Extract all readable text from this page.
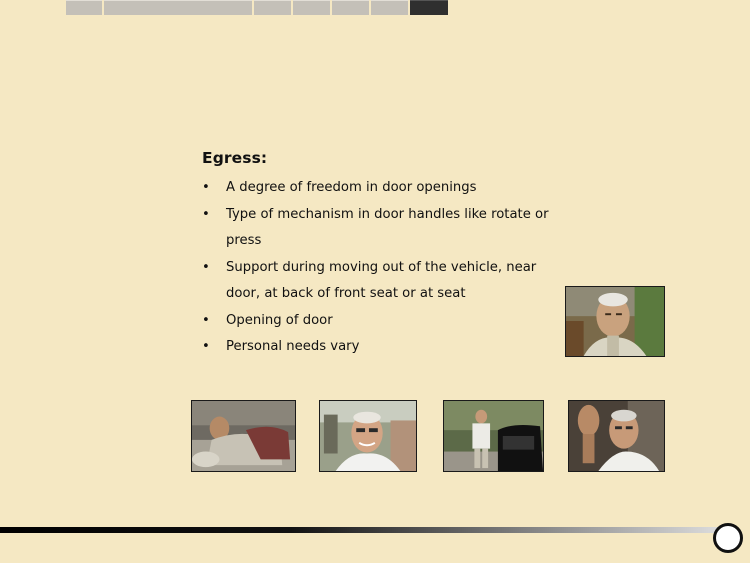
Egress:
• A degree of freedom in door openings
• Type of mechanism in door handles like rotate or press
• Support during moving out of the vehicle, near door, at back of front seat or at seat
• Opening of door
• Personal needs vary
